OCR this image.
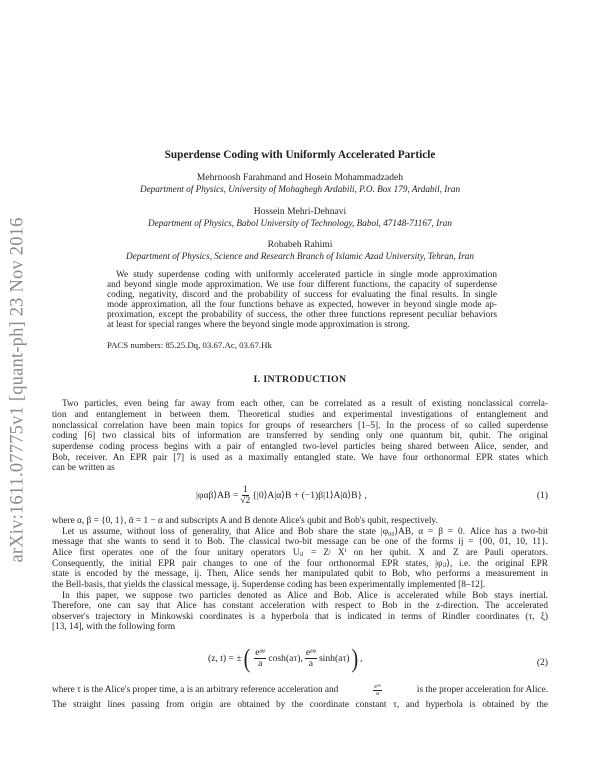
arXiv:1611.07775v1 [quant-ph] 23 Nov 2016
Superdense Coding with Uniformly Accelerated Particle
Mehrnoosh Farahmand and Hosein Mohammadzadeh
Department of Physics, University of Mohaghegh Ardabili, P.O. Box 179, Ardabil, Iran
Hossein Mehri-Dehnavi
Department of Physics, Babol University of Technology, Babol, 47148-71167, Iran
Robabeh Rahimi
Department of Physics, Science and Research Branch of Islamic Azad University, Tehran, Iran
We study superdense coding with uniformly accelerated particle in single mode approximation
and beyond single mode approximation. We use four different functions, the capacity of superdense
coding, negativity, discord and the probability of success for evaluating the final results. In single
mode approximation, all the four functions behave as expected, however in beyond single mode ap-
proximation, except the probability of success, the other three functions represent peculiar behaviors
at least for special ranges where the beyond single mode approximation is strong.
PACS numbers: 85.25.Dq, 03.67.Ac, 03.67.Hk
I. INTRODUCTION
Two particles, even being far away from each other, can be correlated as a result of existing nonclassical correla-
tion and entanglement in between them. Theoretical studies and experimental investigations of entanglement and
nonclassical correlation have been main topics for groups of researchers [1–5]. In the process of so called superdense
coding [6] two classical bits of information are transferred by sending only one quantum bit, qubit. The original
superdense coding process begins with a pair of entangled two-level particles being shared between Alice, sender, and
Bob, receiver. An EPR pair [7] is used as a maximally entangled state. We have four orthonormal EPR states which
can be written as
|φαβ⟩AB = $\frac{1}{√2}$ {|0⟩A|α⟩B + (−1)β|1⟩A|ᾱ⟩B} ,	(1)
where α, β = {0, 1}, ᾱ = 1 − α and subscripts A and B denote Alice's qubit and Bob's qubit, respectively.
Let us assume, without loss of generality, that Alice and Bob share the state |φ₀₀⟩AB, α = β = 0. Alice has a two-bit
message that she wants to send it to Bob. The classical two-bit message can be one of the forms ij = {00, 01, 10, 11}.
Alice first operates one of the four unitary operators Uᵢⱼ = Zʲ Xⁱ on her qubit. X and Z are Pauli operators.
Consequently, the initial EPR pair changes to one of the four orthonormal EPR states, |φᵢⱼ⟩, i.e. the original EPR
state is encoded by the message, ij. Then, Alice sends her manipulated qubit to Bob, who performs a measurement in
the Bell-basis, that yields the classical message, ij. Superdense coding has been experimentally implemented [8–12].
In this paper, we suppose two particles denoted as Alice and Bob. Alice is accelerated while Bob stays inertial.
Therefore, one can say that Alice has constant acceleration with respect to Bob in the z-direction. The accelerated
observer's trajectory in Minkowski coordinates is a hyperbola that is indicated in terms of Rindler coordinates (τ, ξ)
[13, 14], with the following form
(z, t) = ± ( $\frac{\text{eᵃᵠ}}{a} \cosh(a\tau)$, $\frac{\text{eᵃᵠ}}{a} \sinh(a\tau)$ ) ,	(2)
where τ is the Alice's proper time, a is an arbitrary reference acceleration and	$\frac{\text{eᵃᵠ}}{a}$	is the proper acceleration for Alice.
The straight lines passing from origin are obtained by the coordinate constant τ, and hyperbola is obtained by the
